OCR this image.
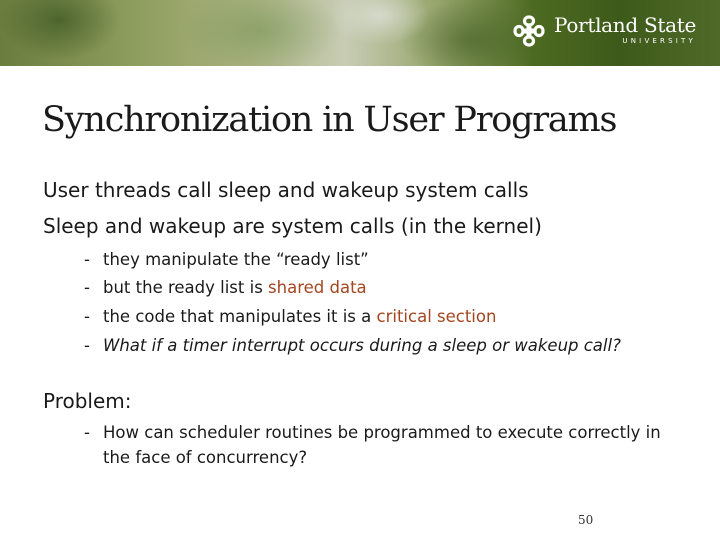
Portland State
UNIVERSITY
Synchronization in User Programs
User threads call sleep and wakeup system calls
Sleep and wakeup are system calls (in the kernel)
- they manipulate the “ready list”
- but the ready list is shared data
- the code that manipulates it is a critical section
- What if a timer interrupt occurs during a sleep or wakeup call?
Problem:
- How can scheduler routines be programmed to execute correctly in the face of concurrency?
50
